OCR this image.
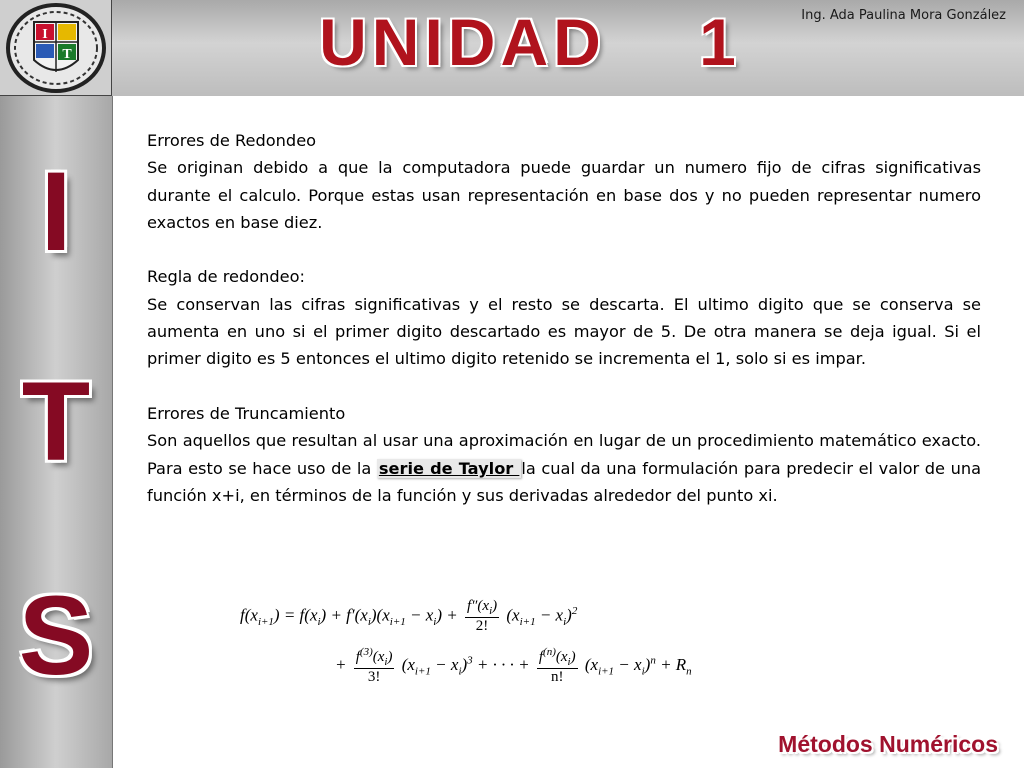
I
T	UNIDAD    1	Ing. Ada Paulina Mora González
I
T
S

Errores de Redondeo

Se originan debido a que la computadora puede guardar un numero fijo de cifras significativas durante el calculo. Porque estas usan representación en base dos y no pueden representar numero exactos en base diez.

Regla de redondeo:

Se conservan las cifras significativas y el resto se descarta. El ultimo digito que se conserva se aumenta en uno si el primer digito descartado es mayor de 5. De otra manera se deja igual. Si el primer digito es 5 entonces el ultimo digito retenido se incrementa el 1, solo si es impar.

Errores de Truncamiento

Son aquellos que resultan al usar una aproximación en lugar de un procedimiento matemático exacto. Para esto se hace uso de la serie de Taylor la cual da una formulación para predecir el valor de una función x+i, en términos de la función y sus derivadas alrededor del punto xi.

$f(x_{i+1}) = f(x_i) + f'(x_i)(x_{i+1} - x_i) + \frac{f''(x_i)}{2!} (x_{i+1} - x_i)^2$
+ $\frac{f^{(3)}(x_i)}{3!} (x_{i+1} - x_i)^3$ + · · · + $\frac{f^{(n)}(x_i)}{n!} (x_{i+1} - x_i)^n + R_n$
Métodos Numéricos
